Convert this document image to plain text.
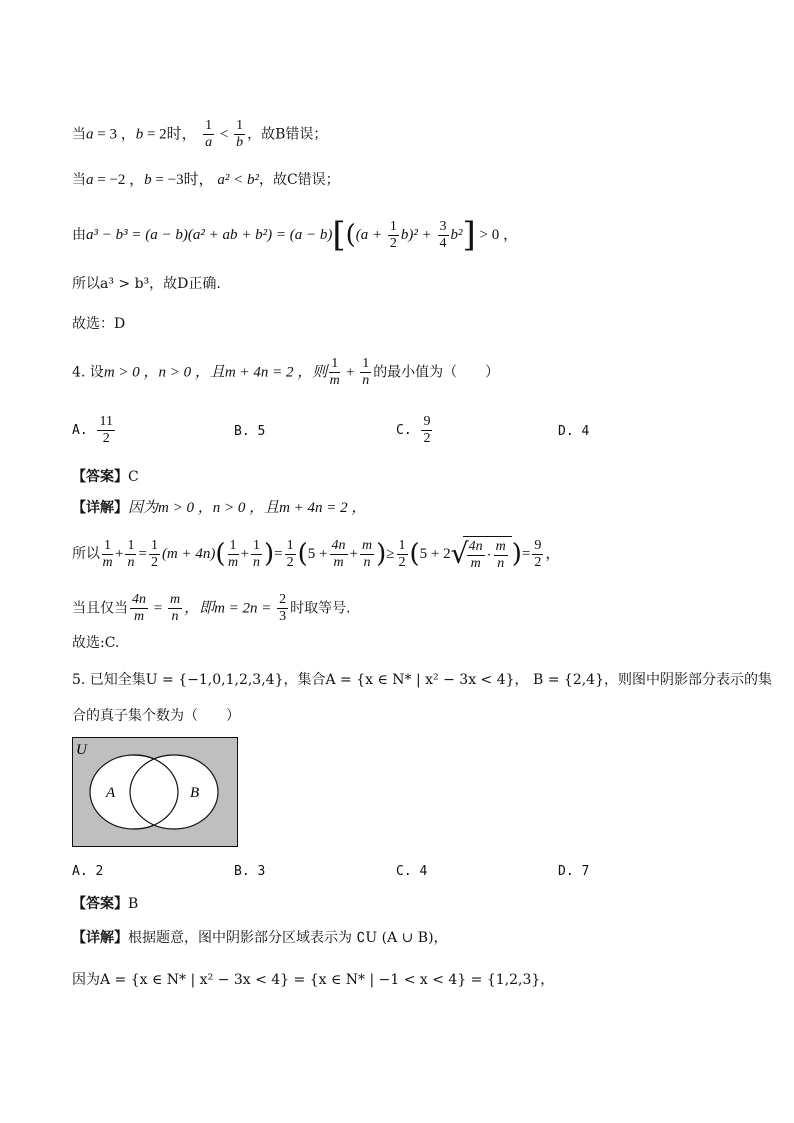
当a = 3 ，b = 2时， $\frac{1}{a} < \frac{1}{b}$ ，故B错误；
当a = −2 ，b = −3时， a² < b²，故C错误；
由a³ − b³ = (a − b)(a² + ab + $b^2) = (a - b)[((a + \frac{1}{2} b)^2 + \frac{3}{4} b^2] > 0$ ，
所以a³ > b³，故D正确.
故选：D
4. 设m > 0 ，n > 0 ，且m + 4n = 2 ，则 $\frac{1}{m} + \frac{1}{n}$ 的最小值为（　　）
A. $\frac{11}{2}$	B. 5	C. $\frac{9}{2}$	D. 4
【答案】C
【详解】因为m > 0 ，n > 0 ，且m + 4n = 2 ，
所以 $\frac{1}{m} + \frac{1}{n} = \frac{1}{2} (m + 4n)( \frac{1}{m} + \frac{1}{n}$ )= $\frac{1}{2} (5 + \frac{4n}{m} + \frac{m}{n}$ )≥ $\frac{1}{2} (5 + 2$ √
$\frac{4n}{m} \cdot \frac{m}{n}$ )= $\frac{9}{2}$ ，
当且仅当 $\frac{4n}{m} = \frac{m}{n}$ ，即$m = 2n = \frac{2}{3}$ 时取等号.
故选:C.
5. 已知全集U = {−1,0,1,2,3,4}，集合A = {x ∈ N* | x² − 3x < 4}， B = {2,4}，则图中阴影部分表示的集
合的真子集个数为（　　）
U
A	B
A. 2	B. 3	C. 4	D. 7
【答案】B
【详解】根据题意，图中阴影部分区域表示为 ∁U (A ∪ B)，
因为A = {x ∈ N* | x² − 3x < 4} = {x ∈ N* | −1 < x < 4} = {1,2,3}，
